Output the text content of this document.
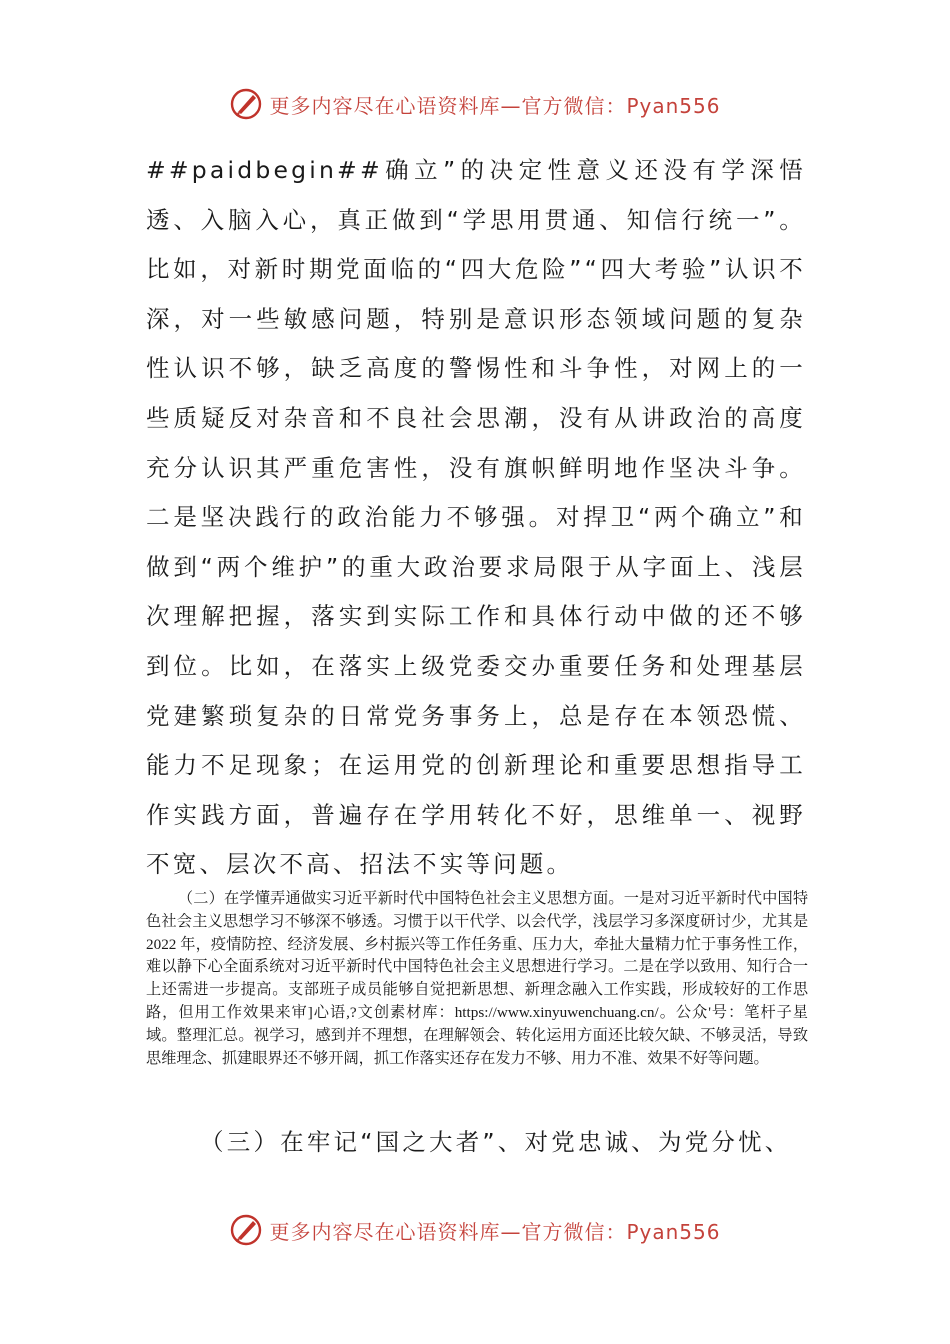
更多内容尽在心语资料库—官方微信：Pyan556

##paidbegin##确立”的决定性意义还没有学深悟透、入脑入心，真正做到“学思用贯通、知信行统一”。比如，对新时期党面临的“四大危险”“四大考验”认识不深，对一些敏感问题，特别是意识形态领域问题的复杂性认识不够，缺乏高度的警惕性和斗争性，对网上的一些质疑反对杂音和不良社会思潮，没有从讲政治的高度充分认识其严重危害性，没有旗帜鲜明地作坚决斗争。二是坚决践行的政治能力不够强。对捍卫“两个确立”和做到“两个维护”的重大政治要求局限于从字面上、浅层次理解把握，落实到实际工作和具体行动中做的还不够到位。比如，在落实上级党委交办重要任务和处理基层党建繁琐复杂的日常党务事务上，总是存在本领恐慌、能力不足现象；在运用党的创新理论和重要思想指导工作实践方面，普遍存在学用转化不好，思维单一、视野不宽、层次不高、招法不实等问题。

（二）在学懂弄通做实习近平新时代中国特色社会主义思想方面。一是对习近平新时代中国特色社会主义思想学习不够深不够透。习惯于以干代学、以会代学，浅层学习多深度研讨少，尤其是 2022 年，疫情防控、经济发展、乡村振兴等工作任务重、压力大，牵扯大量精力忙于事务性工作，难以静下心全面系统对习近平新时代中国特色社会主义思想进行学习。二是在学以致用、知行合一上还需进一步提高。支部班子成员能够自觉把新思想、新理念融入工作实践，形成较好的工作思路，但用工作效果来审]心语,?文创素材库：https://www.xinyuwenchuang.cn/。公众'号：笔杆子星域。整理汇总。视学习，感到并不理想，在理解领会、转化运用方面还比较欠缺、不够灵活，导致思维理念、抓建眼界还不够开阔，抓工作落实还存在发力不够、用力不准、效果不好等问题。

（三）在牢记“国之大者”、对党忠诚、为党分忧、

更多内容尽在心语资料库—官方微信：Pyan556
